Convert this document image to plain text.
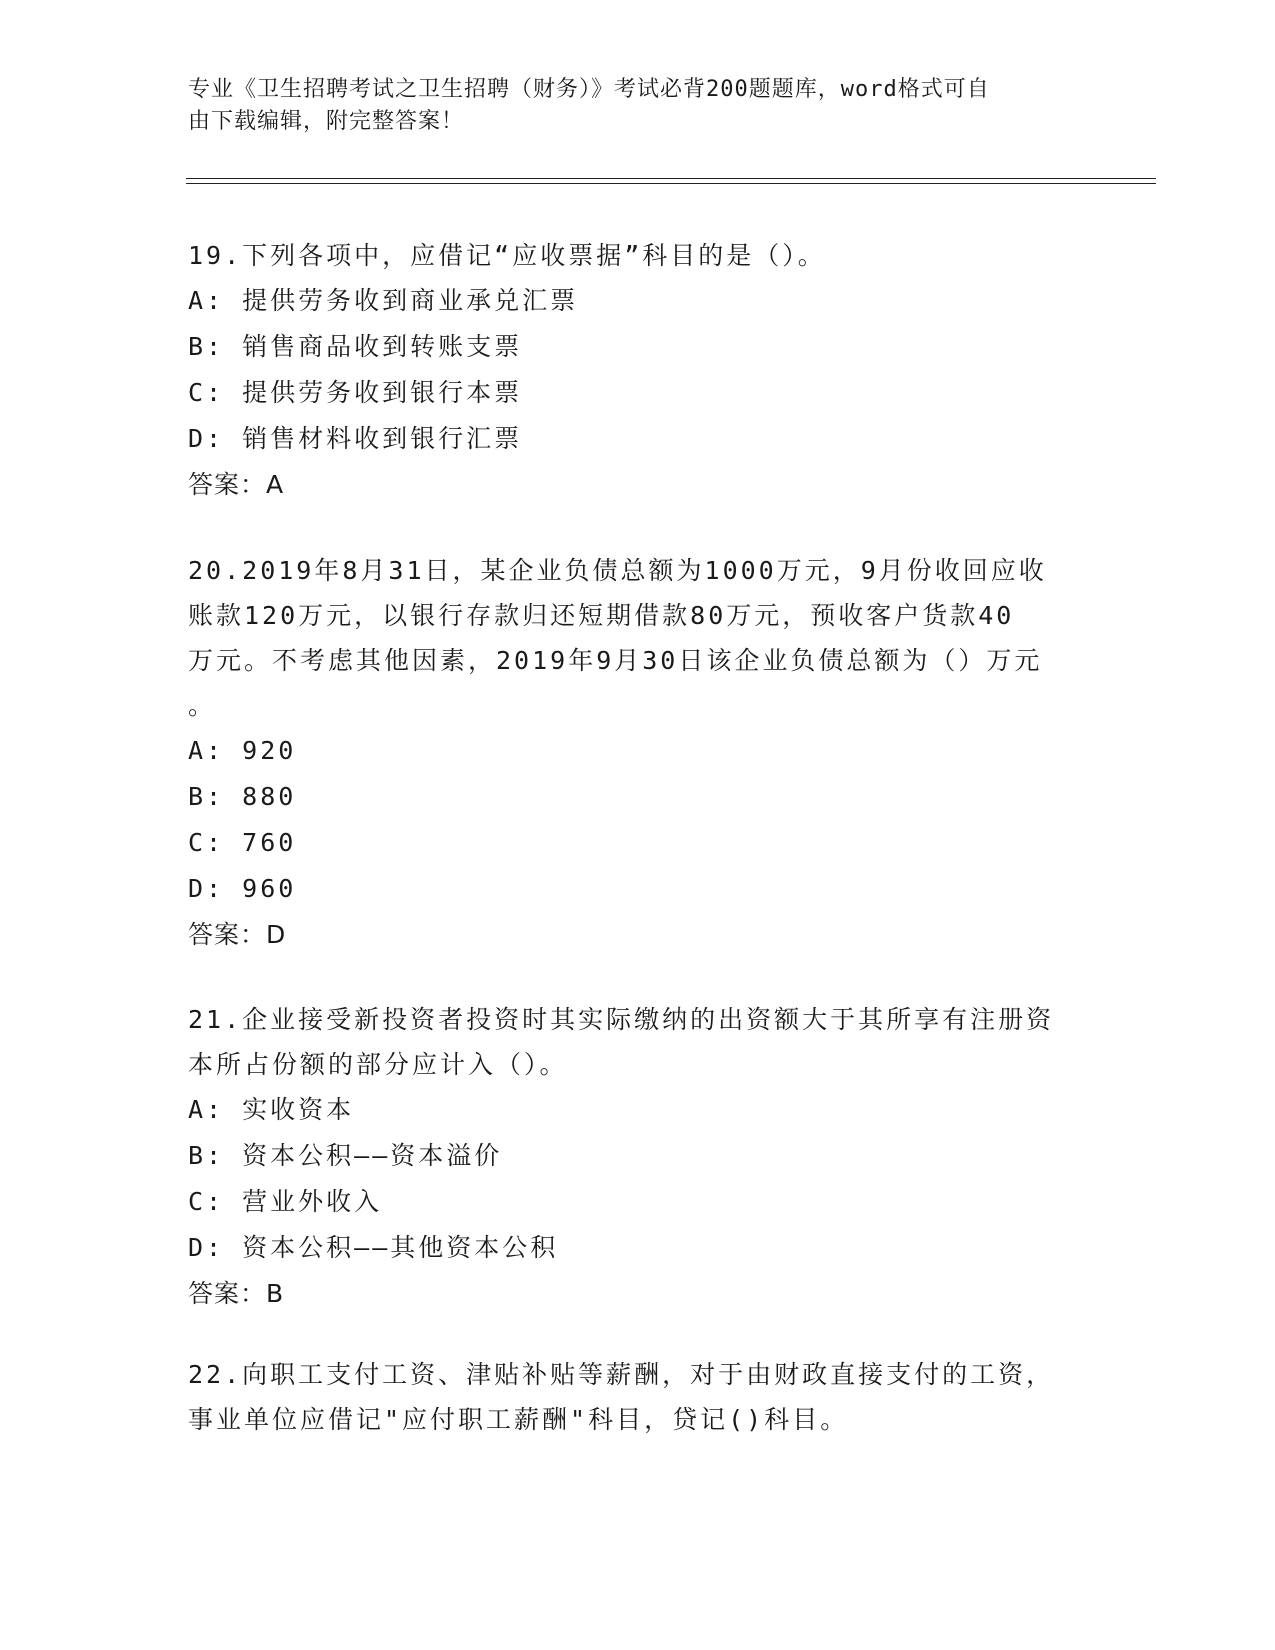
专业《卫生招聘考试之卫生招聘（财务）》考试必背200题题库，word格式可自
由下载编辑，附完整答案！

19.下列各项中，应借记“应收票据”科目的是（）。

A: 提供劳务收到商业承兑汇票

B: 销售商品收到转账支票

C: 提供劳务收到银行本票

D: 销售材料收到银行汇票

答案：A

20.2019年8月31日，某企业负债总额为1000万元，9月份收回应收
账款120万元，以银行存款归还短期借款80万元，预收客户货款40
万元。不考虑其他因素，2019年9月30日该企业负债总额为（）万元
。

A: 920

B: 880

C: 760

D: 960

答案：D

21.企业接受新投资者投资时其实际缴纳的出资额大于其所享有注册资
本所占份额的部分应计入（）。

A: 实收资本

B: 资本公积——资本溢价

C: 营业外收入

D: 资本公积——其他资本公积

答案：B

22.向职工支付工资、津贴补贴等薪酬，对于由财政直接支付的工资，
事业单位应借记"应付职工薪酬"科目，贷记()科目。
